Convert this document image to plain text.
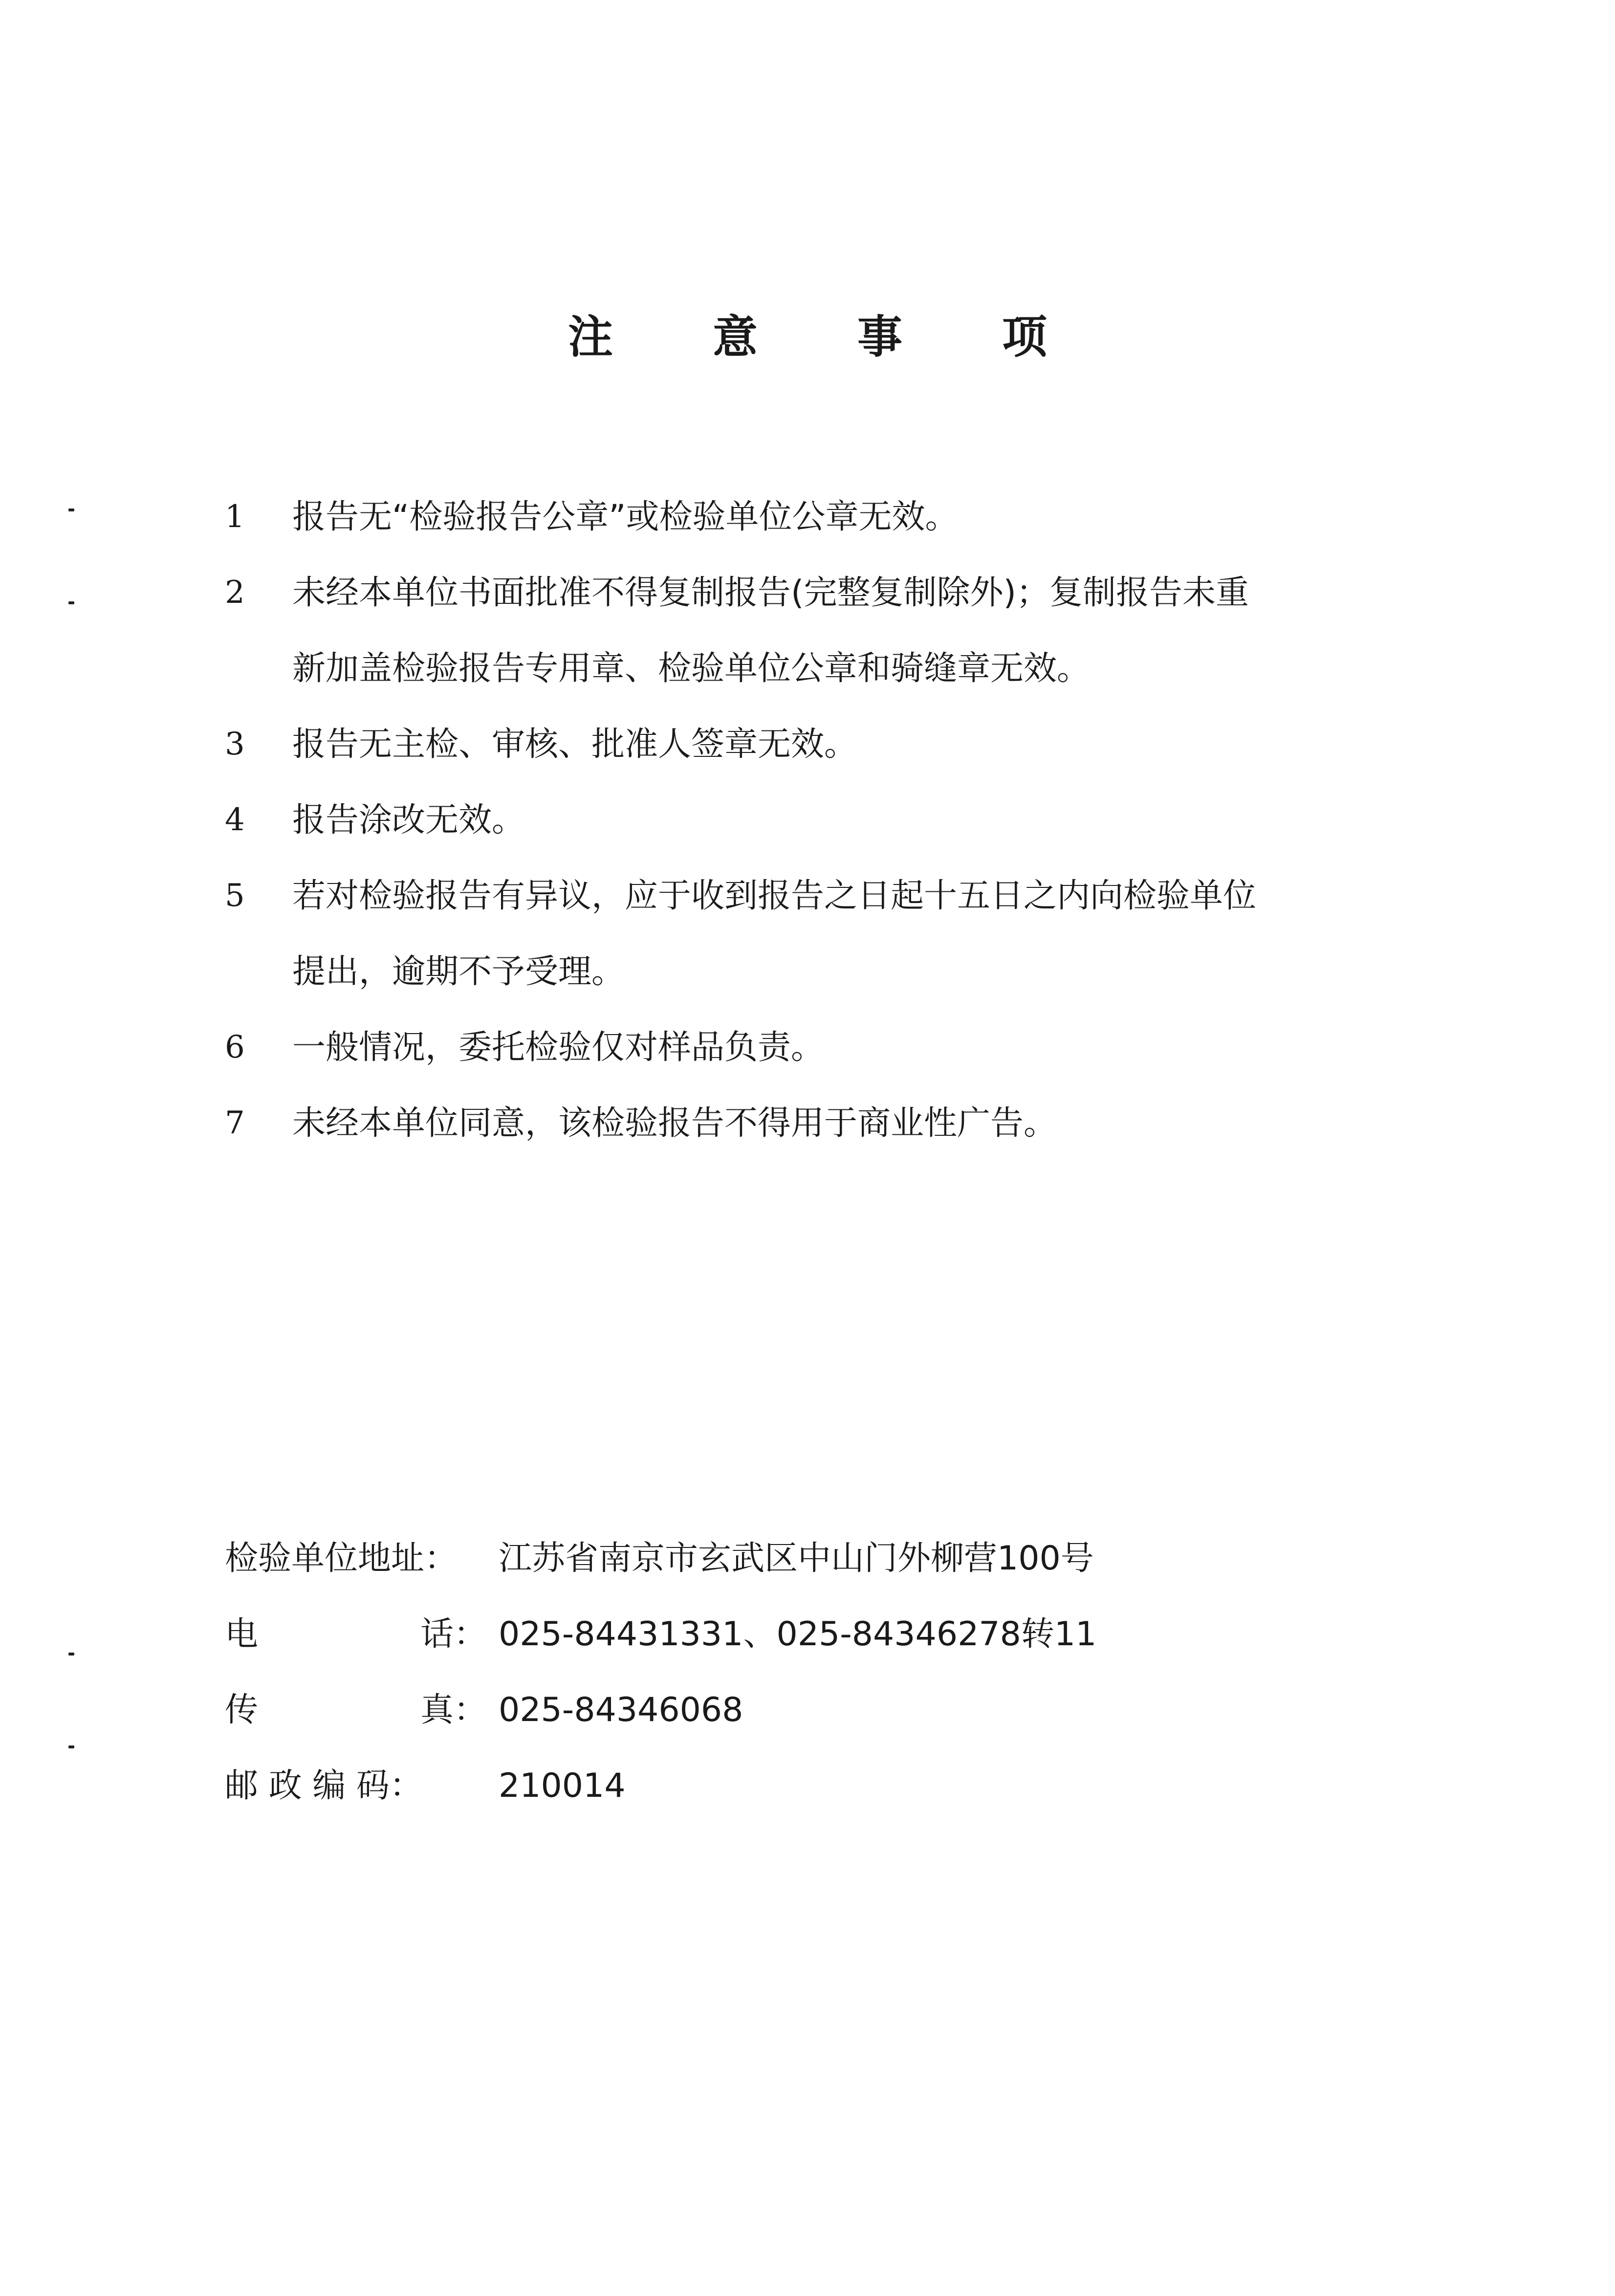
注 意 事 项
1 报告无“检验报告公章”或检验单位公章无效。
2 未经本单位书面批准不得复制报告(完整复制除外)；复制报告未重
新加盖检验报告专用章、检验单位公章和骑缝章无效。
3 报告无主检、审核、批准人签章无效。
4 报告涂改无效。
5 若对检验报告有异议，应于收到报告之日起十五日之内向检验单位
提出，逾期不予受理。
6 一般情况，委托检验仅对样品负责。
7 未经本单位同意，该检验报告不得用于商业性广告。
检验单位地址： 江苏省南京市玄武区中山门外柳营100号
电	话： 025-84431331、025-84346278转11
传	真： 025-84346068
邮 政 编 码： 210014
